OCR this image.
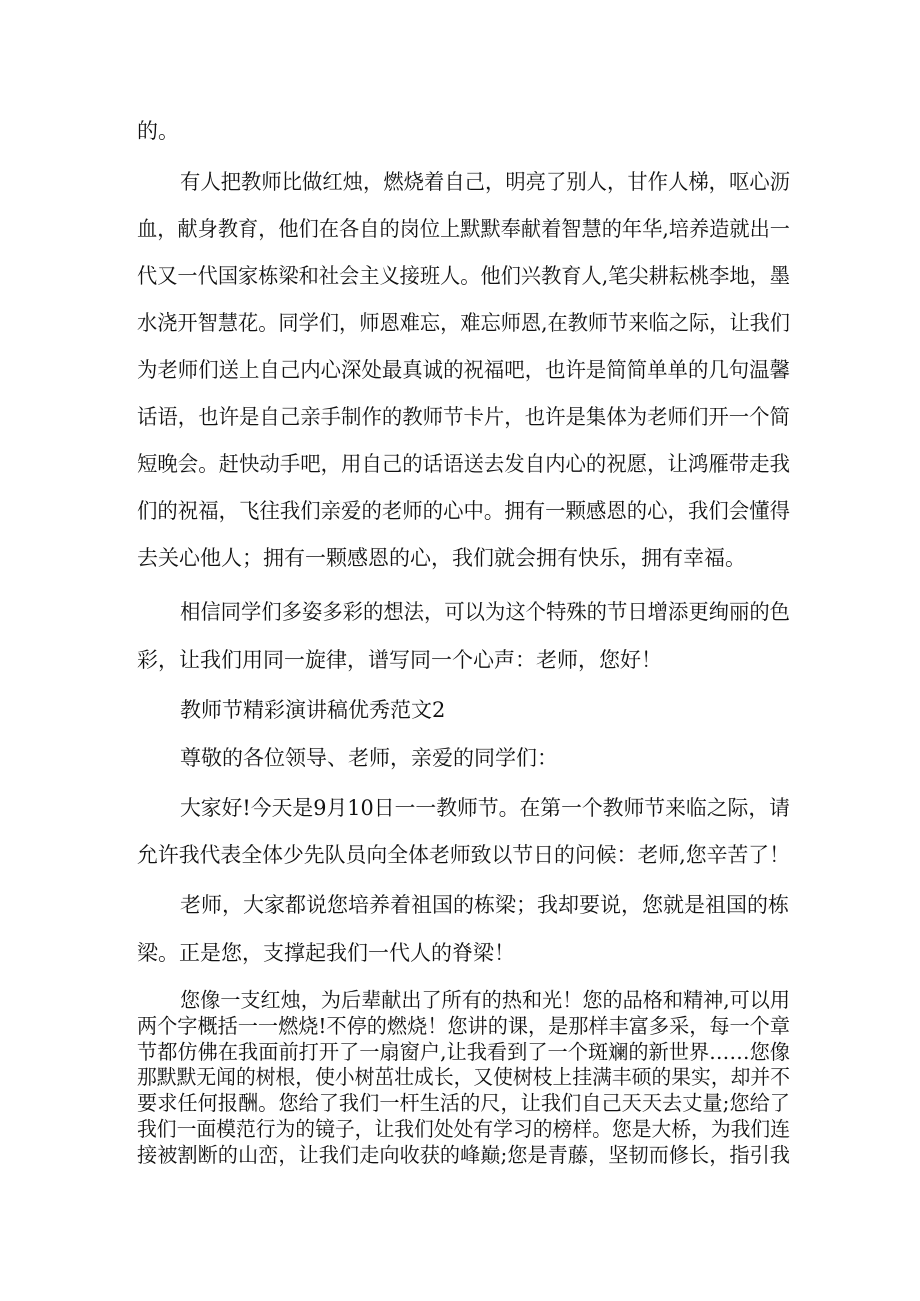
的。
有人把教师比做红烛，燃烧着自己，明亮了别人，甘作人梯，呕心沥
血，献身教育，他们在各自的岗位上默默奉献着智慧的年华,培养造就出一
代又一代国家栋梁和社会主义接班人。他们兴教育人,笔尖耕耘桃李地，墨
水浇开智慧花。同学们，师恩难忘，难忘师恩,在教师节来临之际，让我们
为老师们送上自己内心深处最真诚的祝福吧，也许是简简单单的几句温馨
话语，也许是自己亲手制作的教师节卡片，也许是集体为老师们开一个简
短晚会。赶快动手吧，用自己的话语送去发自内心的祝愿，让鸿雁带走我
们的祝福，飞往我们亲爱的老师的心中。拥有一颗感恩的心，我们会懂得
去关心他人；拥有一颗感恩的心，我们就会拥有快乐，拥有幸福。
相信同学们多姿多彩的想法，可以为这个特殊的节日增添更绚丽的色
彩，让我们用同一旋律，谱写同一个心声：老师，您好！
教师节精彩演讲稿优秀范文2
尊敬的各位领导、老师，亲爱的同学们：
大家好!今天是9月10日一一教师节。在第一个教师节来临之际，请
允许我代表全体少先队员向全体老师致以节日的问候：老师,您辛苦了！
老师，大家都说您培养着祖国的栋梁；我却要说，您就是祖国的栋
梁。正是您，支撑起我们一代人的脊梁！
您像一支红烛，为后辈献出了所有的热和光！您的品格和精神,可以用
两个字概括一一燃烧!不停的燃烧！您讲的课，是那样丰富多采，每一个章
节都仿佛在我面前打开了一扇窗户,让我看到了一个斑斓的新世界……您像
那默默无闻的树根，使小树茁壮成长，又使树枝上挂满丰硕的果实，却并不
要求任何报酬。您给了我们一杆生活的尺，让我们自己天天去丈量;您给了
我们一面模范行为的镜子，让我们处处有学习的榜样。您是大桥，为我们连
接被割断的山峦，让我们走向收获的峰巅;您是青藤，坚韧而修长，指引我
